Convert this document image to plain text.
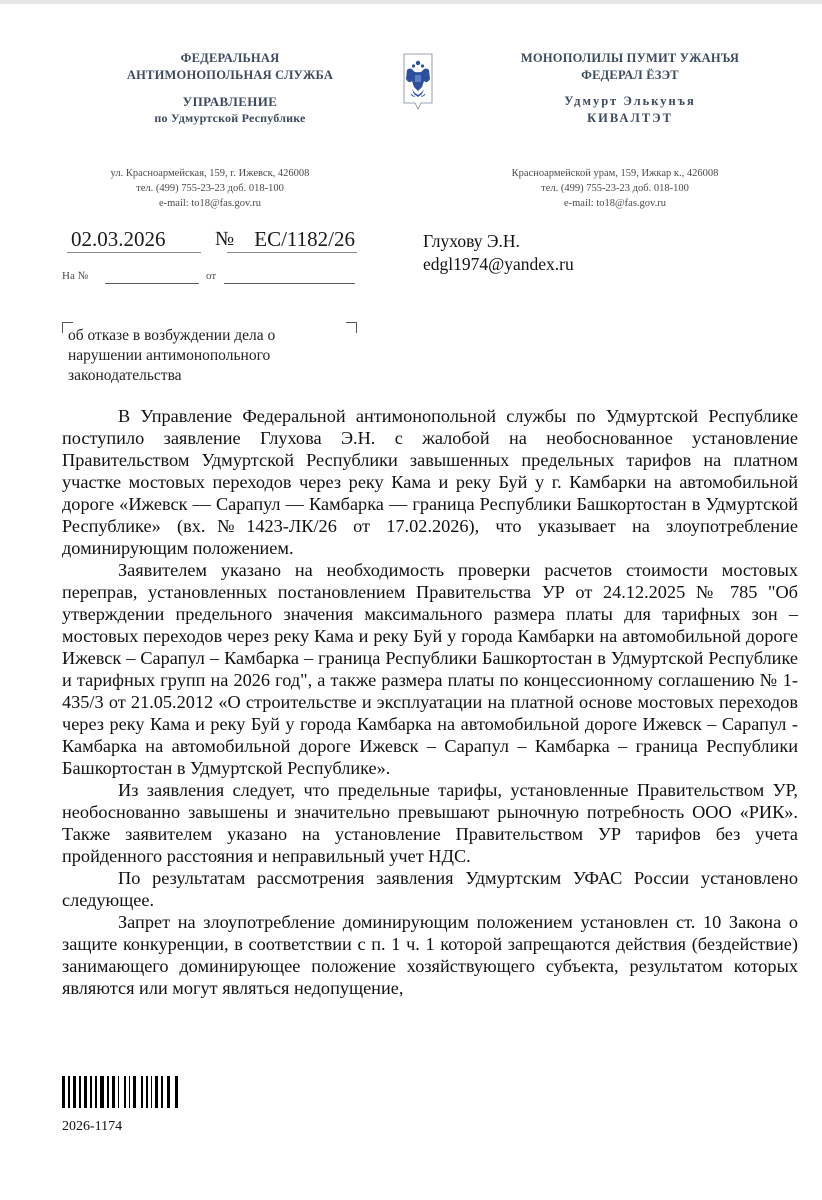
ФЕДЕРАЛЬНАЯ
АНТИМОНОПОЛЬНАЯ СЛУЖБА
УПРАВЛЕНИЕ
по Удмуртской Республике
МОНОПОЛИЛЫ ПУМИТ УЖАНЪЯ
ФЕДЕРАЛ ЁЗЭТ
Удмурт Элькунъя
КИВАЛТЭТ
ул. Красноармейская, 159, г. Ижевск, 426008
тел. (499) 755-23-23 доб. 018-100
e-mail: to18@fas.gov.ru
Красноармейской урам, 159, Ижкар к., 426008
тел. (499) 755-23-23 доб. 018-100
e-mail: to18@fas.gov.ru
02.03.2026	№ ЕС/1182/26
На №	от
Глухову Э.Н.
edgl1974@yandex.ru
об отказе в возбуждении дела о нарушении антимонопольного законодательства

В Управление Федеральной антимонопольной службы по Удмуртской Республике поступило заявление Глухова Э.Н. с жалобой на необоснованное установление Правительством Удмуртской Республики завышенных предельных тарифов на платном участке мостовых переходов через реку Кама и реку Буй у г. Камбарки на автомобильной дороге «Ижевск — Сарапул — Камбарка — граница Республики Башкортостан в Удмуртской Республике» (вх.№1423-ЛК/26 от 17.02.2026), что указывает на злоупотребление доминирующим положением.

Заявителем указано на необходимость проверки расчетов стоимости мостовых переправ, установленных постановлением Правительства УР от 24.12.2025 № 785 "Об утверждении предельного значения максимального размера платы для тарифных зон – мостовых переходов через реку Кама и реку Буй у города Камбарки на автомобильной дороге Ижевск – Сарапул – Камбарка – граница Республики Башкортостан в Удмуртской Республике и тарифных групп на 2026 год", а также размера платы по концессионному соглашению № 1-435/3 от 21.05.2012 «О строительстве и эксплуатации на платной основе мостовых переходов через реку Кама и реку Буй у города Камбарка на автомобильной дороге Ижевск – Сарапул - Камбарка на автомобильной дороге Ижевск – Сарапул – Камбарка – граница Республики Башкортостан в Удмуртской Республике».

Из заявления следует, что предельные тарифы, установленные Правительством УР, необоснованно завышены и значительно превышают рыночную потребность ООО «РИК». Также заявителем указано на установление Правительством УР тарифов без учета пройденного расстояния и неправильный учет НДС.

По результатам рассмотрения заявления Удмуртским УФАС России установлено следующее.

Запрет на злоупотребление доминирующим положением установлен ст. 10 Закона о защите конкуренции, в соответствии с п. 1 ч. 1 которой запрещаются действия (бездействие) занимающего доминирующее положение хозяйствующего субъекта, результатом которых являются или могут являться недопущение,

2026-1174
